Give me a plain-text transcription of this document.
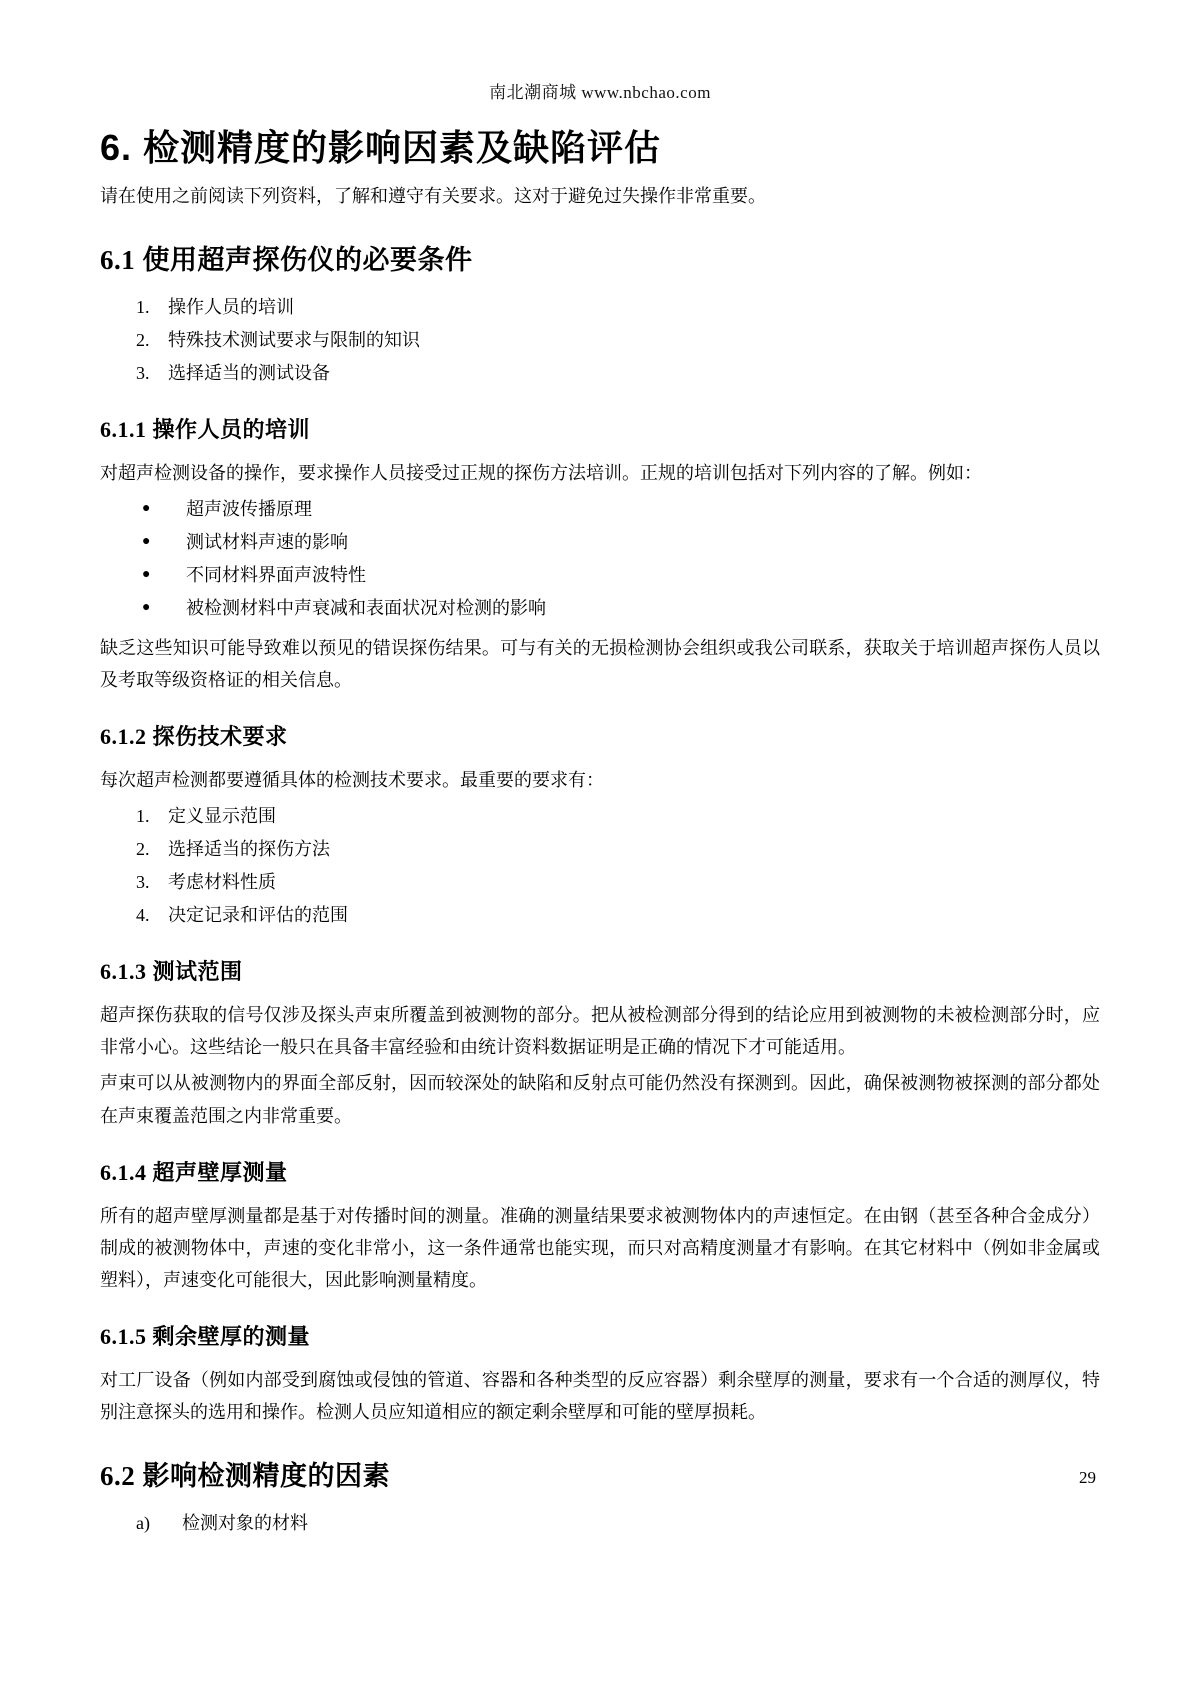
南北潮商城 www.nbchao.com
6. 检测精度的影响因素及缺陷评估

请在使用之前阅读下列资料，了解和遵守有关要求。这对于避免过失操作非常重要。

6.1 使用超声探伤仪的必要条件
1.	操作人员的培训
2.	特殊技术测试要求与限制的知识
3.	选择适当的测试设备
6.1.1 操作人员的培训

对超声检测设备的操作，要求操作人员接受过正规的探伤方法培训。正规的培训包括对下列内容的了解。例如：

●	超声波传播原理
●	测试材料声速的影响
●	不同材料界面声波特性
●	被检测材料中声衰减和表面状况对检测的影响

缺乏这些知识可能导致难以预见的错误探伤结果。可与有关的无损检测协会组织或我公司联系，获取关于培训超声探伤人员以及考取等级资格证的相关信息。

6.1.2 探伤技术要求

每次超声检测都要遵循具体的检测技术要求。最重要的要求有：

1.	定义显示范围
2.	选择适当的探伤方法
3.	考虑材料性质
4.	决定记录和评估的范围
6.1.3 测试范围

超声探伤获取的信号仅涉及探头声束所覆盖到被测物的部分。把从被检测部分得到的结论应用到被测物的未被检测部分时，应非常小心。这些结论一般只在具备丰富经验和由统计资料数据证明是正确的情况下才可能适用。

声束可以从被测物内的界面全部反射，因而较深处的缺陷和反射点可能仍然没有探测到。因此，确保被测物被探测的部分都处在声束覆盖范围之内非常重要。

6.1.4 超声壁厚测量

所有的超声壁厚测量都是基于对传播时间的测量。准确的测量结果要求被测物体内的声速恒定。在由钢（甚至各种合金成分）制成的被测物体中，声速的变化非常小，这一条件通常也能实现，而只对高精度测量才有影响。在其它材料中（例如非金属或塑料），声速变化可能很大，因此影响测量精度。

6.1.5 剩余壁厚的测量

对工厂设备（例如内部受到腐蚀或侵蚀的管道、容器和各种类型的反应容器）剩余壁厚的测量，要求有一个合适的测厚仪，特别注意探头的选用和操作。检测人员应知道相应的额定剩余壁厚和可能的壁厚损耗。

6.2 影响检测精度的因素
a)	检测对象的材料
29
